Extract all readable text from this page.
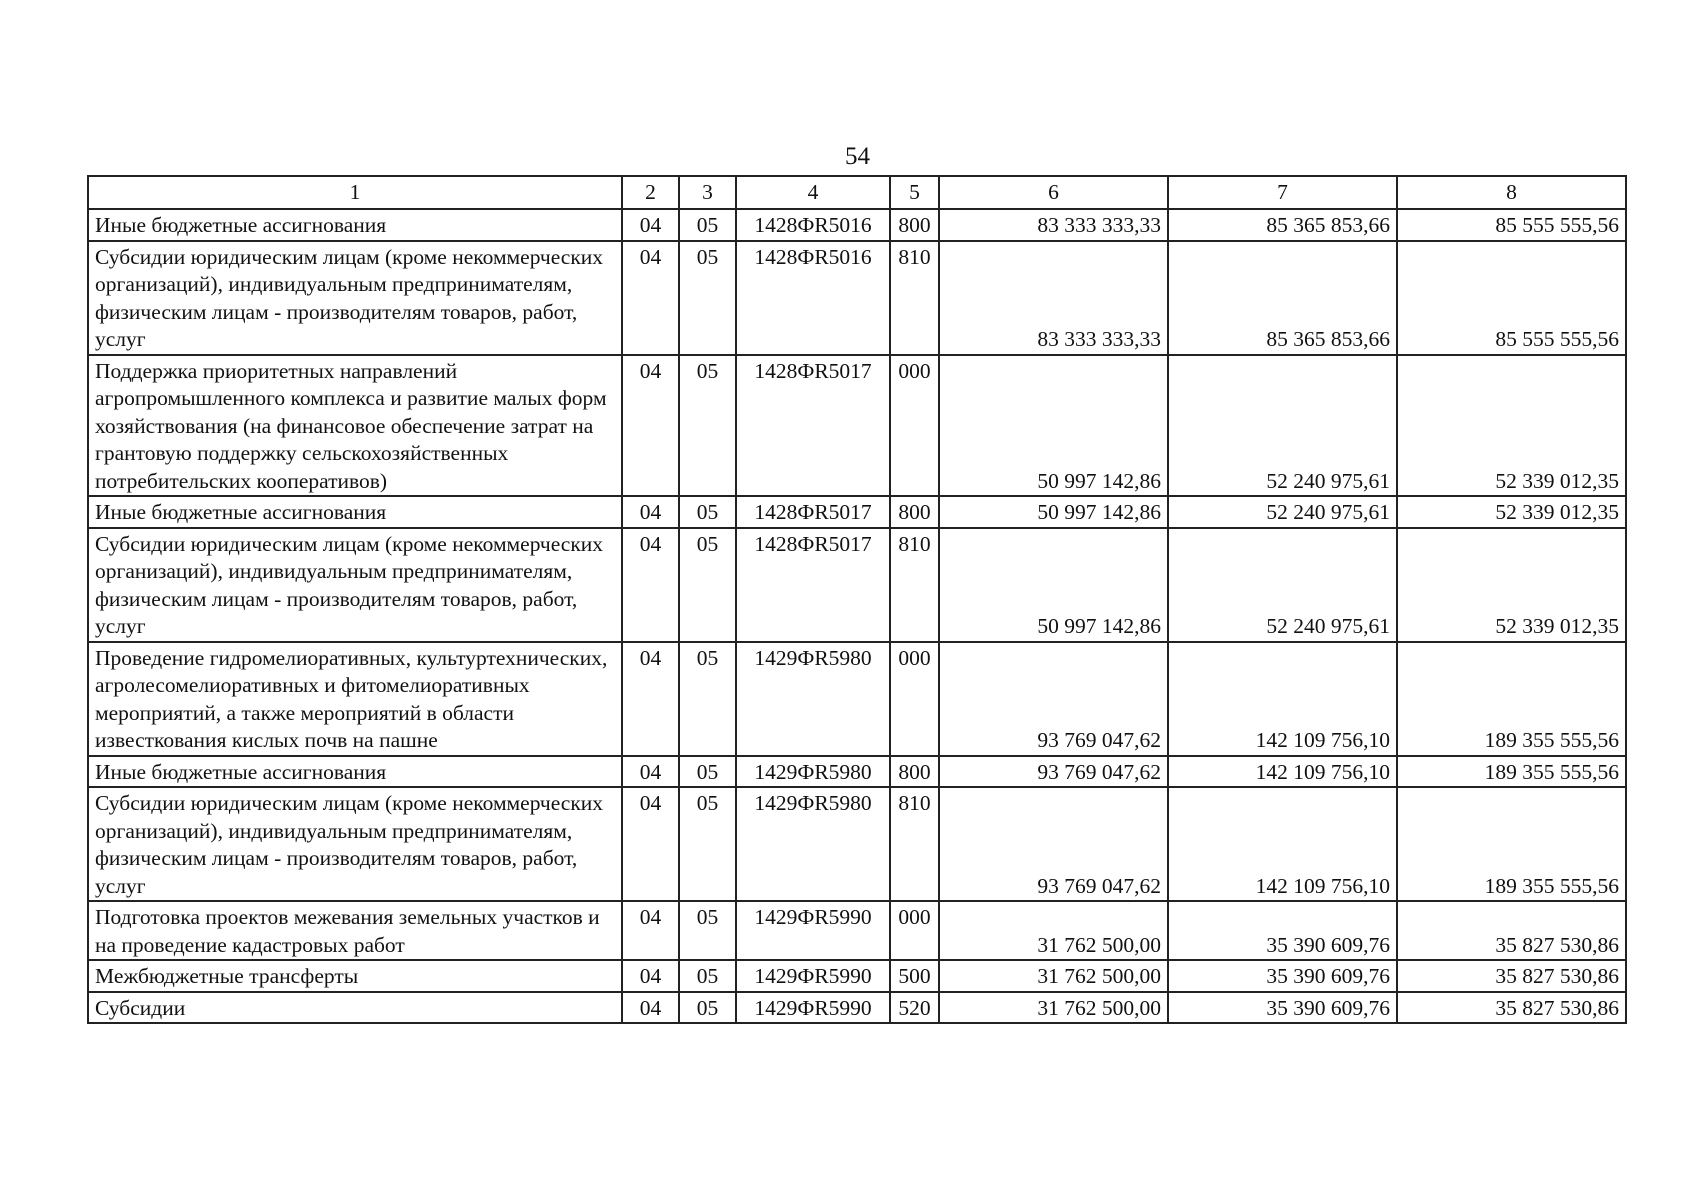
54
1	2	3	4	5	6	7	8
Иные бюджетные ассигнования	04	05	1428ФR5016	800	83 333 333,33	85 365 853,66	85 555 555,56
Субсидии юридическим лицам (кроме некоммерческих организаций), индивидуальным предпринимателям, физическим лицам - производителям товаров, работ, услуг	04	05	1428ФR5016	810	83 333 333,33	85 365 853,66	85 555 555,56
Поддержка приоритетных направлений агропромышленного комплекса и развитие малых форм хозяйствования (на финансовое обеспечение затрат на грантовую поддержку сельскохозяйственных потребительских кооперативов)	04	05	1428ФR5017	000	50 997 142,86	52 240 975,61	52 339 012,35
Иные бюджетные ассигнования	04	05	1428ФR5017	800	50 997 142,86	52 240 975,61	52 339 012,35
Субсидии юридическим лицам (кроме некоммерческих организаций), индивидуальным предпринимателям, физическим лицам - производителям товаров, работ, услуг	04	05	1428ФR5017	810	50 997 142,86	52 240 975,61	52 339 012,35
Проведение гидромелиоративных, культуртехнических, агролесомелиоративных и фитомелиоративных мероприятий, а также мероприятий в области известкования кислых почв на пашне	04	05	1429ФR5980	000	93 769 047,62	142 109 756,10	189 355 555,56
Иные бюджетные ассигнования	04	05	1429ФR5980	800	93 769 047,62	142 109 756,10	189 355 555,56
Субсидии юридическим лицам (кроме некоммерческих организаций), индивидуальным предпринимателям, физическим лицам - производителям товаров, работ, услуг	04	05	1429ФR5980	810	93 769 047,62	142 109 756,10	189 355 555,56
Подготовка проектов межевания земельных участков и на проведение кадастровых работ	04	05	1429ФR5990	000	31 762 500,00	35 390 609,76	35 827 530,86
Межбюджетные трансферты	04	05	1429ФR5990	500	31 762 500,00	35 390 609,76	35 827 530,86
Субсидии	04	05	1429ФR5990	520	31 762 500,00	35 390 609,76	35 827 530,86
